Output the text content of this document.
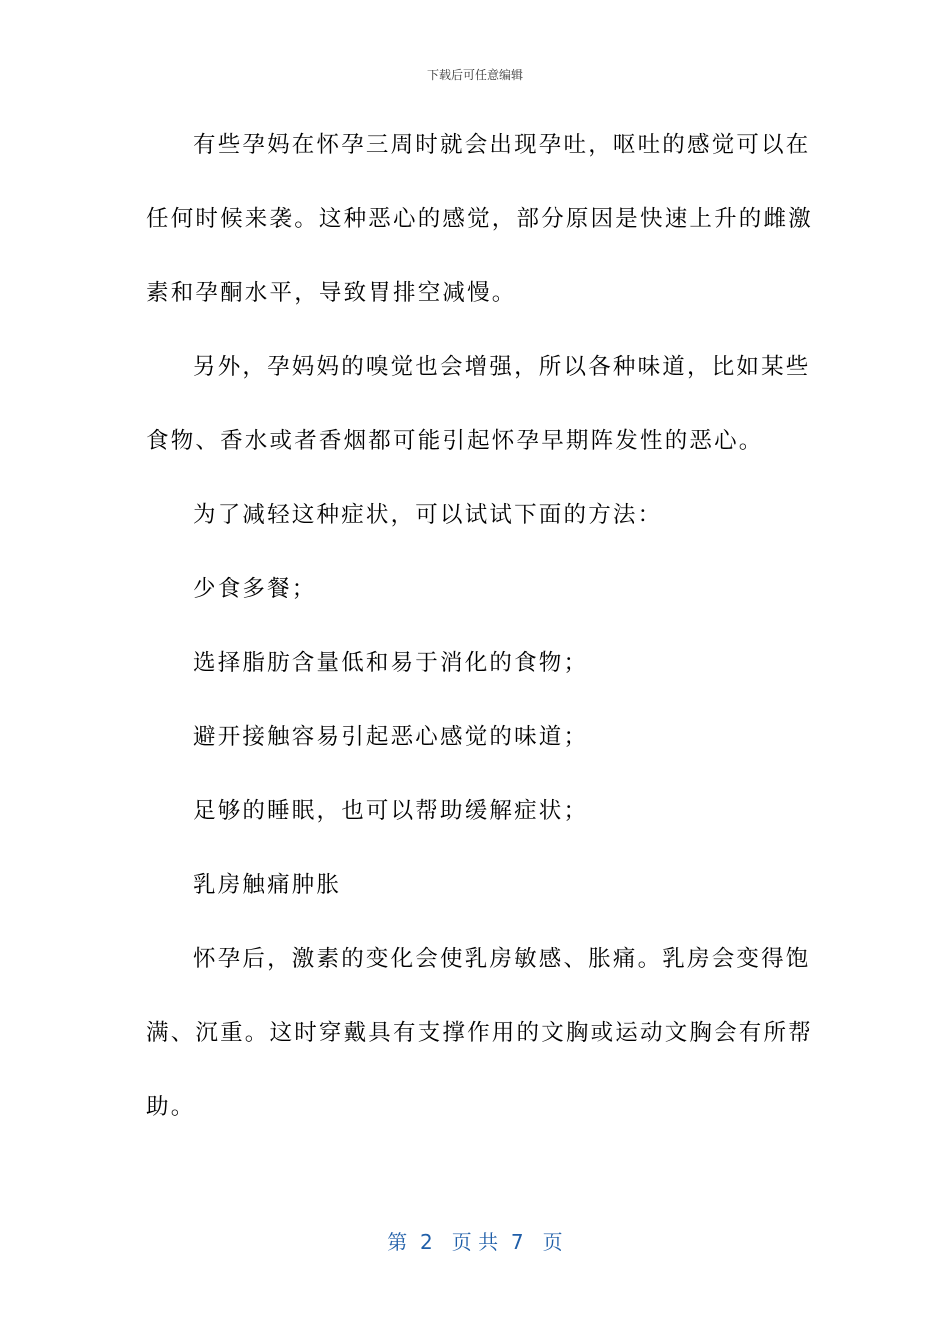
下载后可任意编辑
有些孕妈在怀孕三周时就会出现孕吐，呕吐的感觉可以在
任何时候来袭。这种恶心的感觉，部分原因是快速上升的雌激
素和孕酮水平，导致胃排空减慢。
另外，孕妈妈的嗅觉也会增强，所以各种味道，比如某些
食物、香水或者香烟都可能引起怀孕早期阵发性的恶心。
为了减轻这种症状，可以试试下面的方法：
少食多餐；
选择脂肪含量低和易于消化的食物；
避开接触容易引起恶心感觉的味道；
足够的睡眠，也可以帮助缓解症状；
乳房触痛肿胀
怀孕后，激素的变化会使乳房敏感、胀痛。乳房会变得饱
满、沉重。这时穿戴具有支撑作用的文胸或运动文胸会有所帮
助。
第  2   页 共  7   页
